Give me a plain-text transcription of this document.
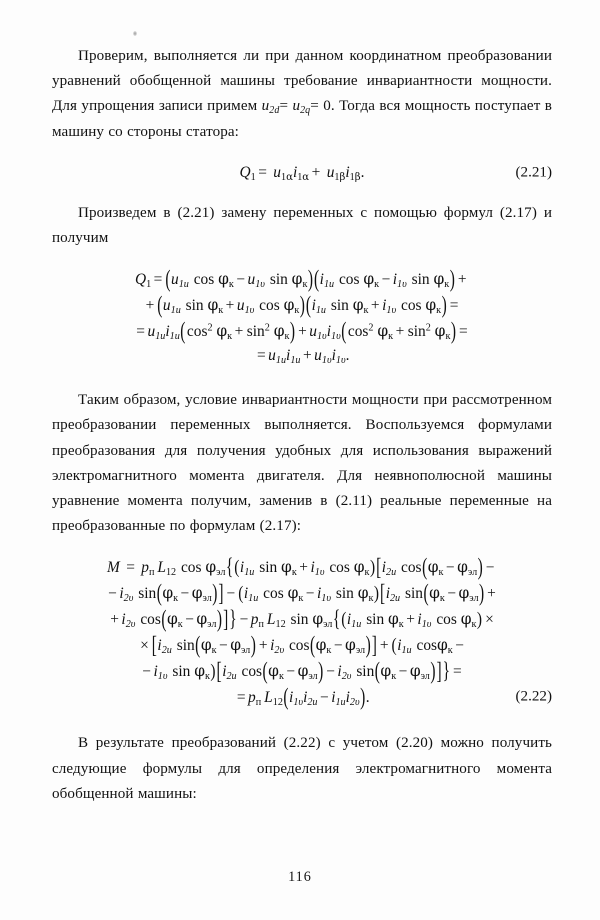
Проверим, выполняется ли при данном координатном преобразовании уравнений обобщенной машины требование инвариантности мощности. Для упрощения записи примем $u_{2d}= u_{2q}= 0$. Тогда вся мощность поступает в машину со стороны статора:

$Q_1 = u_{1\alpha}i_{1\alpha} + u_{1\beta}i_{1\beta}$.	(2.21)

Произведем в (2.21) замену переменных с помощью формул (2.17) и получим

$Q_1 = (u_{1u}$ $\cos \varphi_к - u_{1\upsilon}$ $\sin \varphi_к)(i_{1u}$ $\cos \varphi_к - i_{1\upsilon}$ $\sin \varphi_к$) +
+ ($u_{1u}$ $\sin \varphi_к + u_{1\upsilon}$ $\cos \varphi_к)(i_{1u}$ $\sin \varphi_к + i_{1\upsilon}$ $\cos \varphi_к$) =
= $u_{1u}i_{1u}(\cos^2$ $\varphi_к + \sin^2 \varphi_к) + u_{1\upsilon}i_{1\upsilon}(\cos^2$ $\varphi_к + \sin^2 \varphi_к$) =
= $u_{1u}i_{1u} + u_{1\upsilon}i_{1\upsilon}$.

Таким образом, условие инвариантности мощности при рассмотренном преобразовании переменных выполняется. Воспользуемся формулами преобразования для получения удобных для использования выражений электромагнитного момента двигателя. Для неявнополюсной машины уравнение момента получим, заменив в (2.11) реальные переменные на преобразованные по формулам (2.17):

$M = p_п$ $L_{12}$ $\cos \varphi_{эл}\{(i_{1u}$ $\sin \varphi_к + i_{1\upsilon}$ $\cos \varphi_к)[i_{2u}$ $\cos(\varphi_к - \varphi_{эл})$ −
− $i_{2\upsilon}$ $\sin(\varphi_к - \varphi_{эл})] - (i_{1u}$ $\cos \varphi_к - i_{1\upsilon}$ $\sin \varphi_к)[i_{2u}$ $\sin(\varphi_к - \varphi_{эл})$ +
+ $i_{2\upsilon}$ $\cos(\varphi_к - \varphi_{эл})]\} - p_п$ $L_{12}$ $\sin \varphi_{эл}\{(i_{1u}$ $\sin \varphi_к + i_{1\upsilon}$ $\cos \varphi_к$) ×
× [$i_{2u}$ $\sin(\varphi_к - \varphi_{эл}) + i_{2\upsilon}$ $\cos(\varphi_к - \varphi_{эл})] + (i_{1u}$ cosφ$_к$ −
− $i_{1\upsilon}$ $\sin \varphi_к)[i_{2u}$ $\cos(\varphi_к - \varphi_{эл}) - i_{2\upsilon}$ $\sin(\varphi_к - \varphi_{эл})$]} =
= $p_п$ $L_{12}(i_{1\upsilon}i_{2u} - i_{1u}i_{2\upsilon})$.	(2.22)

В результате преобразований (2.22) с учетом (2.20) можно получить следующие формулы для определения электромагнитного момента обобщенной машины:

116
